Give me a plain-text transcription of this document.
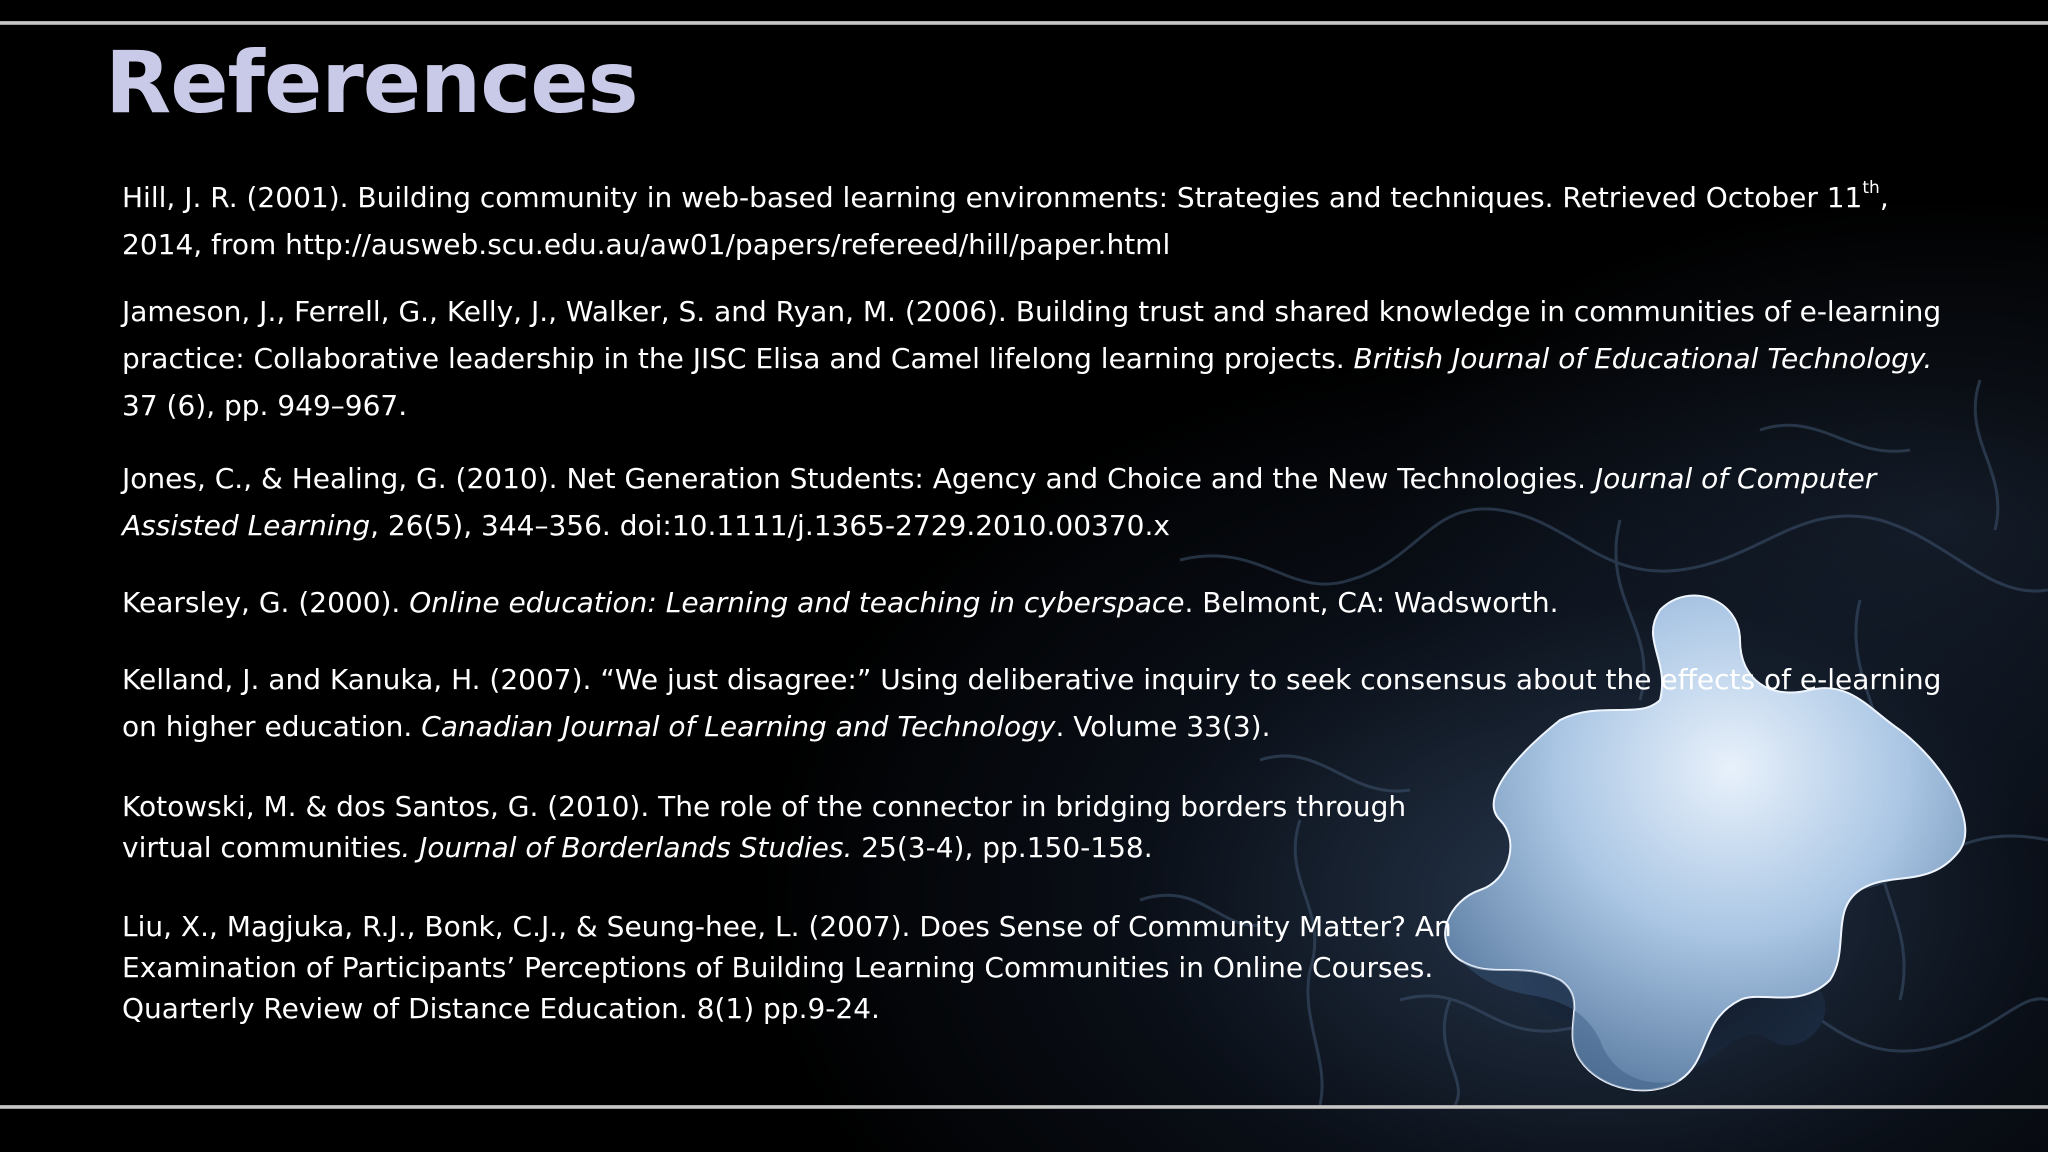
References

Hill, J. R. (2001). Building community in web-based learning environments: Strategies and techniques. Retrieved October 11th, 2014, from http://ausweb.scu.edu.au/aw01/papers/refereed/hill/paper.html

Jameson, J., Ferrell, G., Kelly, J., Walker, S. and Ryan, M. (2006). Building trust and shared knowledge in communities of e-learning practice: Collaborative leadership in the JISC Elisa and Camel lifelong learning projects. British Journal of Educational Technology. 37 (6), pp. 949–967.

Jones, C., & Healing, G. (2010). Net Generation Students: Agency and Choice and the New Technologies. Journal of Computer Assisted Learning, 26(5), 344–356. doi:10.1111/j.1365-2729.2010.00370.x

Kearsley, G. (2000). Online education: Learning and teaching in cyberspace. Belmont, CA: Wadsworth.

Kelland, J. and Kanuka, H. (2007). “We just disagree:” Using deliberative inquiry to seek consensus about the effects of e-learning on higher education. Canadian Journal of Learning and Technology. Volume 33(3).

Kotowski, M. & dos Santos, G. (2010). The role of the connector in bridging borders through virtual communities. Journal of Borderlands Studies. 25(3-4), pp.150-158.

Liu, X., Magjuka, R.J., Bonk, C.J., & Seung-hee, L. (2007). Does Sense of Community Matter? An Examination of Participants’ Perceptions of Building Learning Communities in Online Courses. Quarterly Review of Distance Education. 8(1) pp.9-24.
